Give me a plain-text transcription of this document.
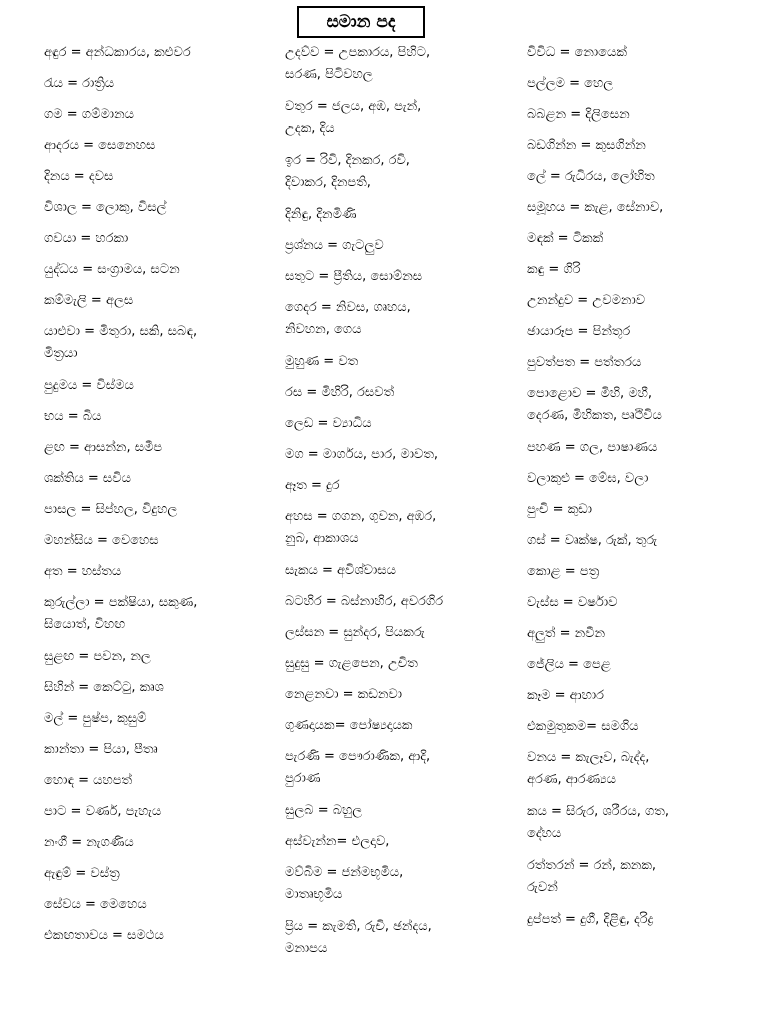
සමාන පද
අඳුර = අන්ධකාරය, කළුවර
රැය = රාත්‍රිය
ගම = ගම්මානය
ආදරය = සෙනෙහස
දිනය = දවස
විශාල = ලොකු, විසල්
ගවයා = හරකා
යුද්ධය = සංග්‍රාමය, සටන
කම්මැලි = අලස
යාළුවා = මිතුරා, සකි, සබඳ,
මිත්‍රයා
පුදුමය = විස්මය
භය = බිය
ළඟ = ආසන්න, සමීප
ශක්තිය = සවිය
පාසල = සිප්හල, විදුහල
මහන්සිය = වෙහෙස
අත = හස්තය
කුරුල්ලා = පක්ෂියා, සකුණ,
සියොත්, විහඟ
සුළඟ = පවන, නල
සිහින් = කෙට්ටු, කෘශ
මල් = පුෂ්ප, කුසුම්
කාන්තා = පියා, පීතෘ
හොඳ = යහපත්
පාට = වර්ණ, පැහැය
නංගී = නැගණිය
ඇඳුම් = වස්ත්‍ර
සේවය = මෙහෙය
එකඟතාවය = සමථය
උදව්ව = උපකාරය, පිහිට,
සරණ, පිටිවහල
වතුර = ජලය, අඹ, පැන්,
උදක, දිය
ඉර = රිවි, දිනකර, රවි,
දිවාකර, දිනපති,
දිනිඳු, දිනමිණි
ප්‍රශ්නය = ගැටලුව
සතුට = ප්‍රීතිය, සොම්නස
ගෙදර = නිවස, ගෘහය,
නිවහන, ගෙය
මුහුණ = වත
රස = මිහිරි, රසවත්
ලෙඩ = ව්‍යාධිය
මග = මාර්ගය, පාර, මාවත,
ඈත = දුර
අහස = ගගන, ගුවන, අඹර,
නුබ, ආකාශය
සැකය = අවිශ්වාසය
බටහිර = බස්නාහිර, අවරගිර
ලස්සන = සුන්දර, පියකරු
සුදුසු = ගැළපෙන, උචිත
නෙළනවා = කඩනවා
ගුණදායක= පෝෂ්‍යදායක
පැරණි = පෞරාණික, ආදි,
පුරාණ
සුලබ = බහුල
අස්වැන්න= එලදාව,
මව්බිම = ජන්මභූමිය,
මාතෘභූමිය
ප්‍රිය = කැමති, රුචි, ඡන්දය,
මනාපය
විවිධ = නොයෙක්
පල්ලම = හෙල
බබළන = දිලිසෙන
බඩගින්න = කුසගින්න
ලේ = රුධිරය, ලෝහිත
සමූහය = කැළ, සේනාව,
මඳක් = ටිකක්
කඳු = ගිරි
උනන්දුව = උවමනාව
ඡායාරූප = පින්තූර
පුවත්පත = පත්තරය
පොළොව = මිහි, මහී,
දෙරණ, මිහිකත, පෘථිවිය
පහණ = ගල, පාෂාණය
වලාකුළු = මේඝ, වලා
පුංචි = කුඩා
ගස් = වෘක්ෂ, රුක්, තුරු
කොළ = පත්‍ර
වැස්ස = වර්ෂාව
අලුත් = නවීන
ජේලිය = පෙළ
කෑම = ආහාර
එකමුතුකම= සමගිය
වනය = කැලෑව, බැද්ද,
අරණ, ආරණ්‍යය
කය = සිරුර, ශරීරය, ගත,
දේහය
රත්තරන් = රන්, කනක,
රුවන්
දුප්පත් = දුගී, දිළිඳු, දරිද්‍ර
